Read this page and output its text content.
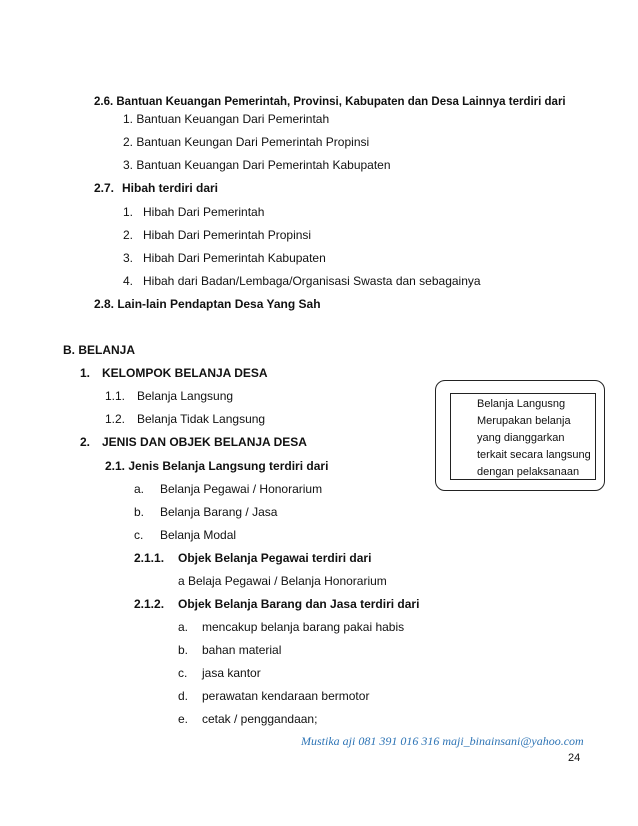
2.6. Bantuan Keuangan Pemerintah, Provinsi, Kabupaten dan Desa Lainnya terdiri dari
1. Bantuan Keuangan Dari Pemerintah
2. Bantuan Keungan Dari Pemerintah Propinsi
3. Bantuan Keuangan Dari Pemerintah Kabupaten
2.7. Hibah terdiri dari
1. Hibah Dari Pemerintah
2. Hibah Dari Pemerintah Propinsi
3. Hibah Dari Pemerintah Kabupaten
4. Hibah dari Badan/Lembaga/Organisasi Swasta dan sebagainya
2.8. Lain-lain Pendaptan Desa Yang Sah
B. BELANJA
1. KELOMPOK BELANJA DESA
1.1. Belanja Langsung
1.2. Belanja Tidak Langsung
2. JENIS DAN OBJEK BELANJA DESA
2.1. Jenis Belanja Langsung terdiri dari
a. Belanja Pegawai / Honorarium
b. Belanja Barang / Jasa
c. Belanja Modal
2.1.1. Objek Belanja Pegawai terdiri dari
a Belaja Pegawai / Belanja Honorarium
2.1.2. Objek Belanja Barang dan Jasa terdiri dari
a. mencakup belanja barang pakai habis
b. bahan material
c. jasa kantor
d. perawatan kendaraan bermotor
e. cetak / penggandaan;
Belanja Langusng
Merupakan belanja
yang dianggarkan
terkait secara langsung
dengan pelaksanaan
Mustika aji 081 391 016 316 maji_binainsani@yahoo.com
24
